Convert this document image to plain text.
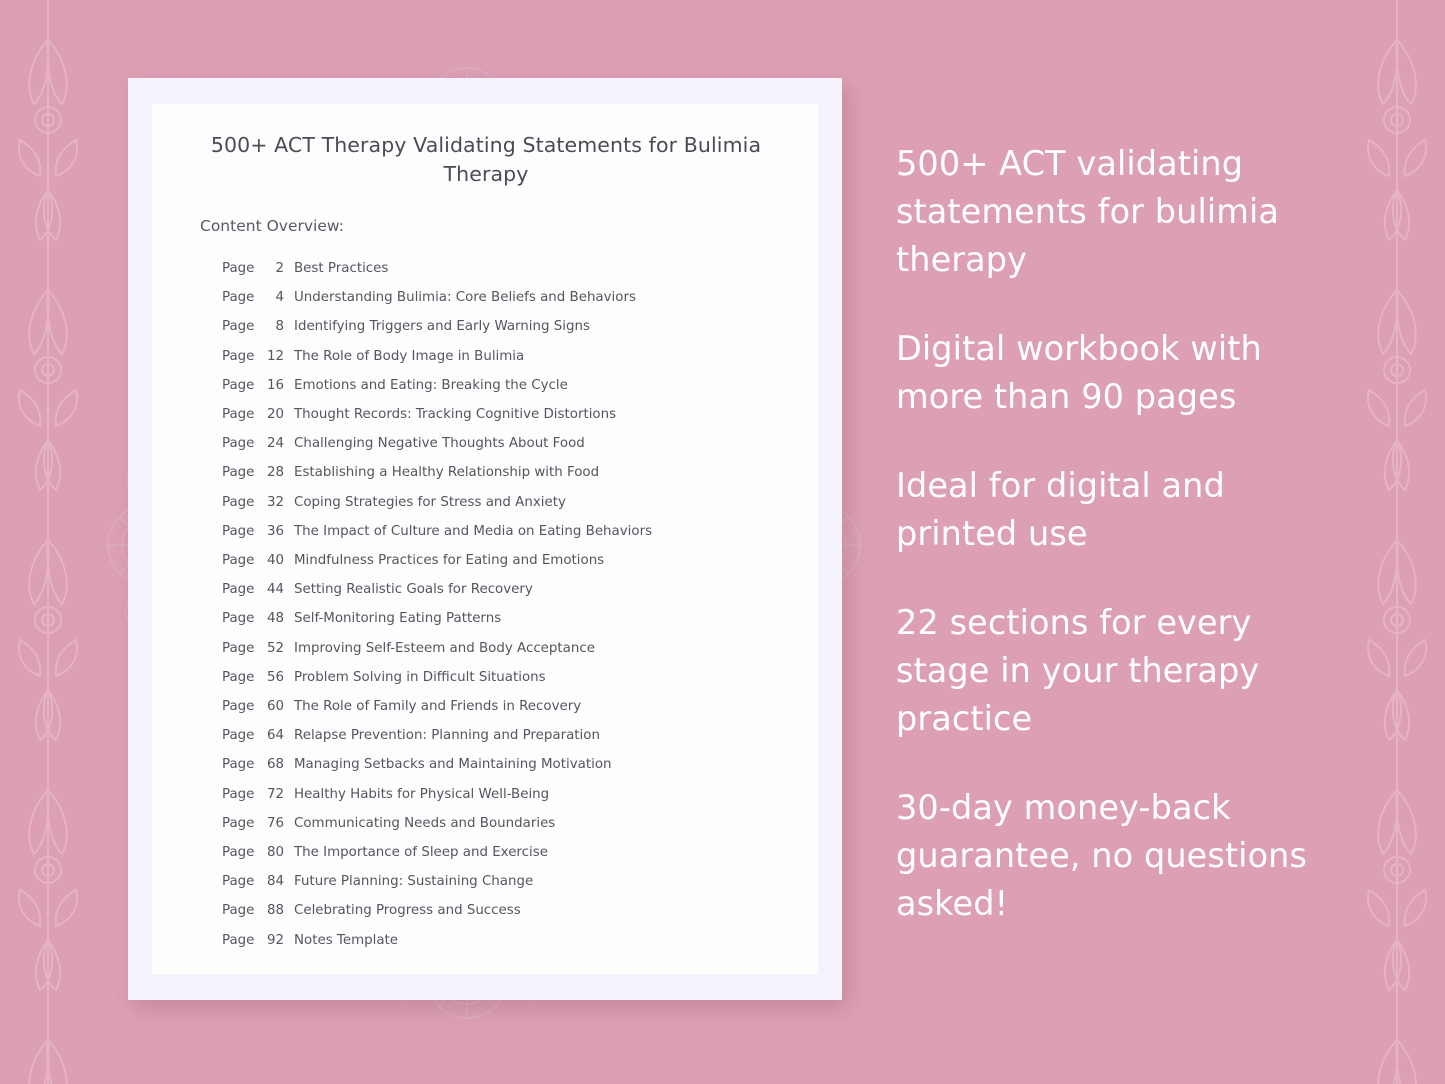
500+ ACT Therapy Validating Statements for Bulimia Therapy
Content Overview:
Page	2 Best Practices
Page	4 Understanding Bulimia: Core Beliefs and Behaviors
Page	8 Identifying Triggers and Early Warning Signs
Page 12 The Role of Body Image in Bulimia
Page 16 Emotions and Eating: Breaking the Cycle
Page 20 Thought Records: Tracking Cognitive Distortions
Page 24 Challenging Negative Thoughts About Food
Page 28 Establishing a Healthy Relationship with Food
Page 32 Coping Strategies for Stress and Anxiety
Page 36 The Impact of Culture and Media on Eating Behaviors
Page 40 Mindfulness Practices for Eating and Emotions
Page 44 Setting Realistic Goals for Recovery
Page 48 Self-Monitoring Eating Patterns
Page 52 Improving Self-Esteem and Body Acceptance
Page 56 Problem Solving in Difficult Situations
Page 60 The Role of Family and Friends in Recovery
Page 64 Relapse Prevention: Planning and Preparation
Page 68 Managing Setbacks and Maintaining Motivation
Page 72 Healthy Habits for Physical Well-Being
Page 76 Communicating Needs and Boundaries
Page 80 The Importance of Sleep and Exercise
Page 84 Future Planning: Sustaining Change
Page 88 Celebrating Progress and Success
Page 92 Notes Template
500+ ACT validating statements for bulimia therapy
Digital workbook with more than 90 pages
Ideal for digital and printed use
22 sections for every stage in your therapy practice
30-day money-back guarantee, no questions asked!
